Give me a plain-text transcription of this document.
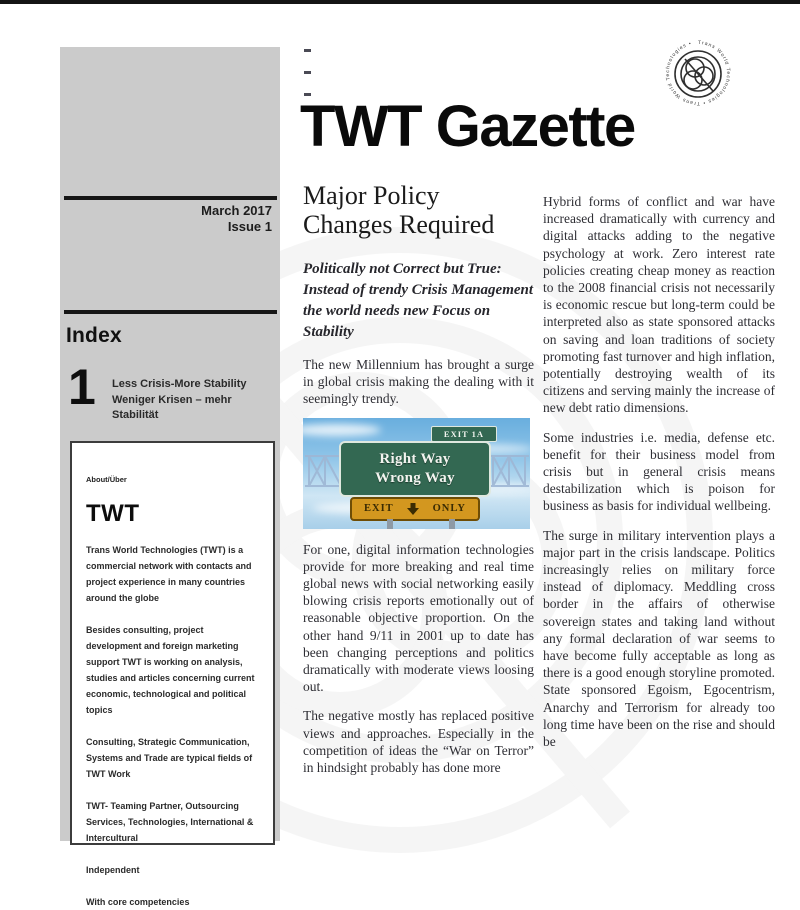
March 2017
Issue 1
Index
1 Less Crisis-More Stability
Weniger Krisen – mehr
Stabilität
About/Über
TWT

Trans World Technologies (TWT) is a commercial network with contacts and project experience in many countries around the globe

Besides consulting, project development and foreign marketing support TWT is working on analysis, studies and articles concerning current economic, technological and political topics

Consulting, Strategic Communication, Systems and Trade are typical fields of TWT Work

TWT- Teaming Partner, Outsourcing Services, Technologies, International & Intercultural

Independent

With core competencies

TWT Gazette
Trans World Technologies • Trans World Technologies •
Major Policy Changes Required

Politically not Correct but True: Instead of trendy Crisis Management the world needs new Focus on Stability

The new Millennium has brought a surge in global crisis making the dealing with it seemingly trendy.

EXIT 1A
Right Way
Wrong Way
EXIT	ONLY

For one, digital information technologies provide for more breaking and real time global news with social networking easily blowing crisis reports emotionally out of reasonable objective proportion. On the other hand 9/11 in 2001 up to date has been changing perceptions and politics dramatically with moderate views loosing out.

The negative mostly has replaced positive views and approaches. Especially in the competition of ideas the “War on Terror” in hindsight probably has done more

Hybrid forms of conflict and war have increased dramatically with currency and digital attacks adding to the negative psychology at work. Zero interest rate policies creating cheap money as reaction to the 2008 financial crisis not necessarily is economic rescue but long-term could be interpreted also as state sponsored attacks on saving and loan traditions of society promoting fast turnover and high inflation, potentially destroying wealth of its citizens and serving mainly the increase of new debt ratio dimensions.

Some industries i.e. media, defense etc. benefit for their business model from crisis but in general crisis means destabilization which is poison for business as basis for individual wellbeing.

The surge in military intervention plays a major part in the crisis landscape. Politics increasingly relies on military force instead of diplomacy. Meddling cross border in the affairs of otherwise sovereign states and taking land without any formal declaration of war seems to have become fully acceptable as long as there is a good enough storyline promoted. State sponsored Egoism, Egocentrism, Anarchy and Terrorism for already too long time have been on the rise and should be
